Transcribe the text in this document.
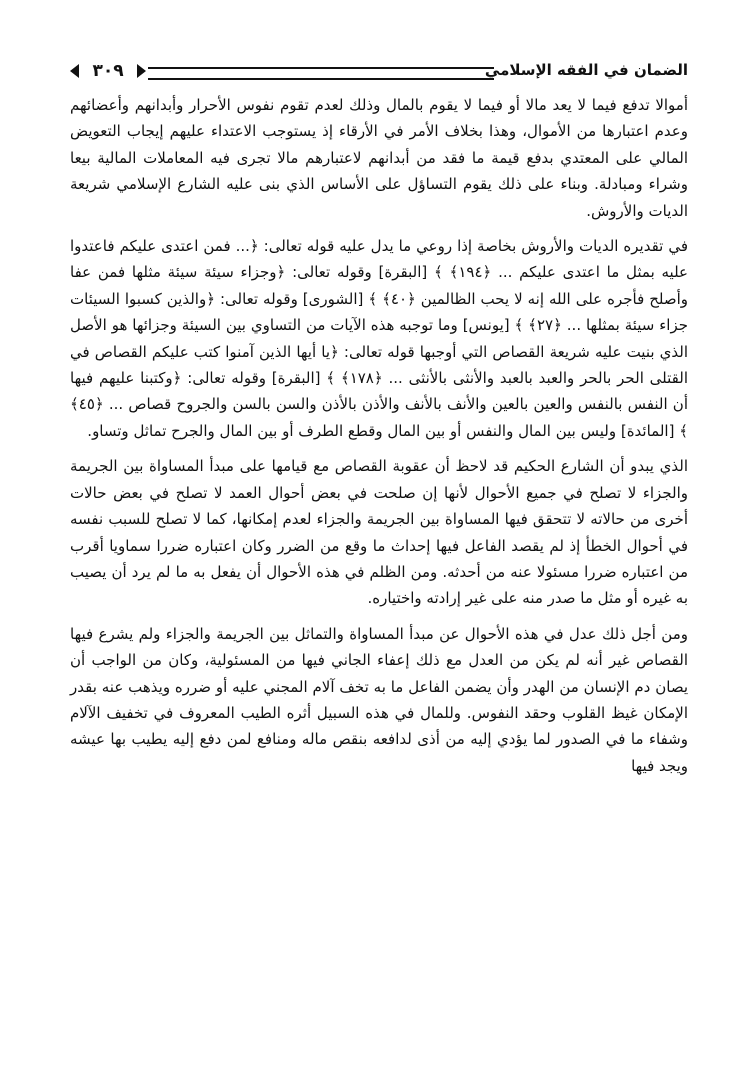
الضمان في الفقه الإسلامي
٣٠٩

أموالا تدفع فيما لا يعد مالا أو فيما لا يقوم بالمال وذلك لعدم تقوم نفوس الأحرار وأبدانهم وأعضائهم وعدم اعتبارها من الأموال، وهذا بخلاف الأمر في الأرقاء إذ يستوجب الاعتداء عليهم إيجاب التعويض المالي على المعتدي بدفع قيمة ما فقد من أبدانهم لاعتبارهم مالا تجرى فيه المعاملات المالية بيعا وشراء ومبادلة. وبناء على ذلك يقوم التساؤل على الأساس الذي بنى عليه الشارع الإسلامي شريعة الديات والأروش.

في تقديره الديات والأروش بخاصة إذا روعي ما يدل عليه قوله تعالى: ﴿... فمن اعتدى عليكم فاعتدوا عليه بمثل ما اعتدى عليكم ... ﴿١٩٤﴾ ﴾ [البقرة] وقوله تعالى: ﴿وجزاء سيئة سيئة مثلها فمن عفا وأصلح فأجره على الله إنه لا يحب الظالمين ﴿٤٠﴾ ﴾ [الشورى] وقوله تعالى: ﴿والذين كسبوا السيئات جزاء سيئة بمثلها ... ﴿٢٧﴾ ﴾ [يونس] وما توجبه هذه الآيات من التساوي بين السيئة وجزائها هو الأصل الذي بنيت عليه شريعة القصاص التي أوجبها قوله تعالى: ﴿يا أيها الذين آمنوا كتب عليكم القصاص في القتلى الحر بالحر والعبد بالعبد والأنثى بالأنثى ... ﴿١٧٨﴾ ﴾ [البقرة] وقوله تعالى: ﴿وكتبنا عليهم فيها أن النفس بالنفس والعين بالعين والأنف بالأنف والأذن بالأذن والسن بالسن والجروح قصاص ... ﴿٤٥﴾ ﴾ [المائدة] وليس بين المال والنفس أو بين المال وقطع الطرف أو بين المال والجرح تماثل وتساو.

الذي يبدو أن الشارع الحكيم قد لاحظ أن عقوبة القصاص مع قيامها على مبدأ المساواة بين الجريمة والجزاء لا تصلح في جميع الأحوال لأنها إن صلحت في بعض أحوال العمد لا تصلح في بعض حالات أخرى من حالاته لا تتحقق فيها المساواة بين الجريمة والجزاء لعدم إمكانها، كما لا تصلح للسبب نفسه في أحوال الخطأ إذ لم يقصد الفاعل فيها إحداث ما وقع من الضرر وكان اعتباره ضررا سماويا أقرب من اعتباره ضررا مسئولا عنه من أحدثه. ومن الظلم في هذه الأحوال أن يفعل به ما لم يرد أن يصيب به غيره أو مثل ما صدر منه على غير إرادته واختياره.

ومن أجل ذلك عدل في هذه الأحوال عن مبدأ المساواة والتماثل بين الجريمة والجزاء ولم يشرع فيها القصاص غير أنه لم يكن من العدل مع ذلك إعفاء الجاني فيها من المسئولية، وكان من الواجب أن يصان دم الإنسان من الهدر وأن يضمن الفاعل ما به تخف آلام المجني عليه أو ضرره ويذهب عنه بقدر الإمكان غيظ القلوب وحقد النفوس. وللمال في هذه السبيل أثره الطيب المعروف في تخفيف الآلام وشفاء ما في الصدور لما يؤدي إليه من أذى لدافعه بنقص ماله ومنافع لمن دفع إليه يطيب بها عيشه ويجد فيها
